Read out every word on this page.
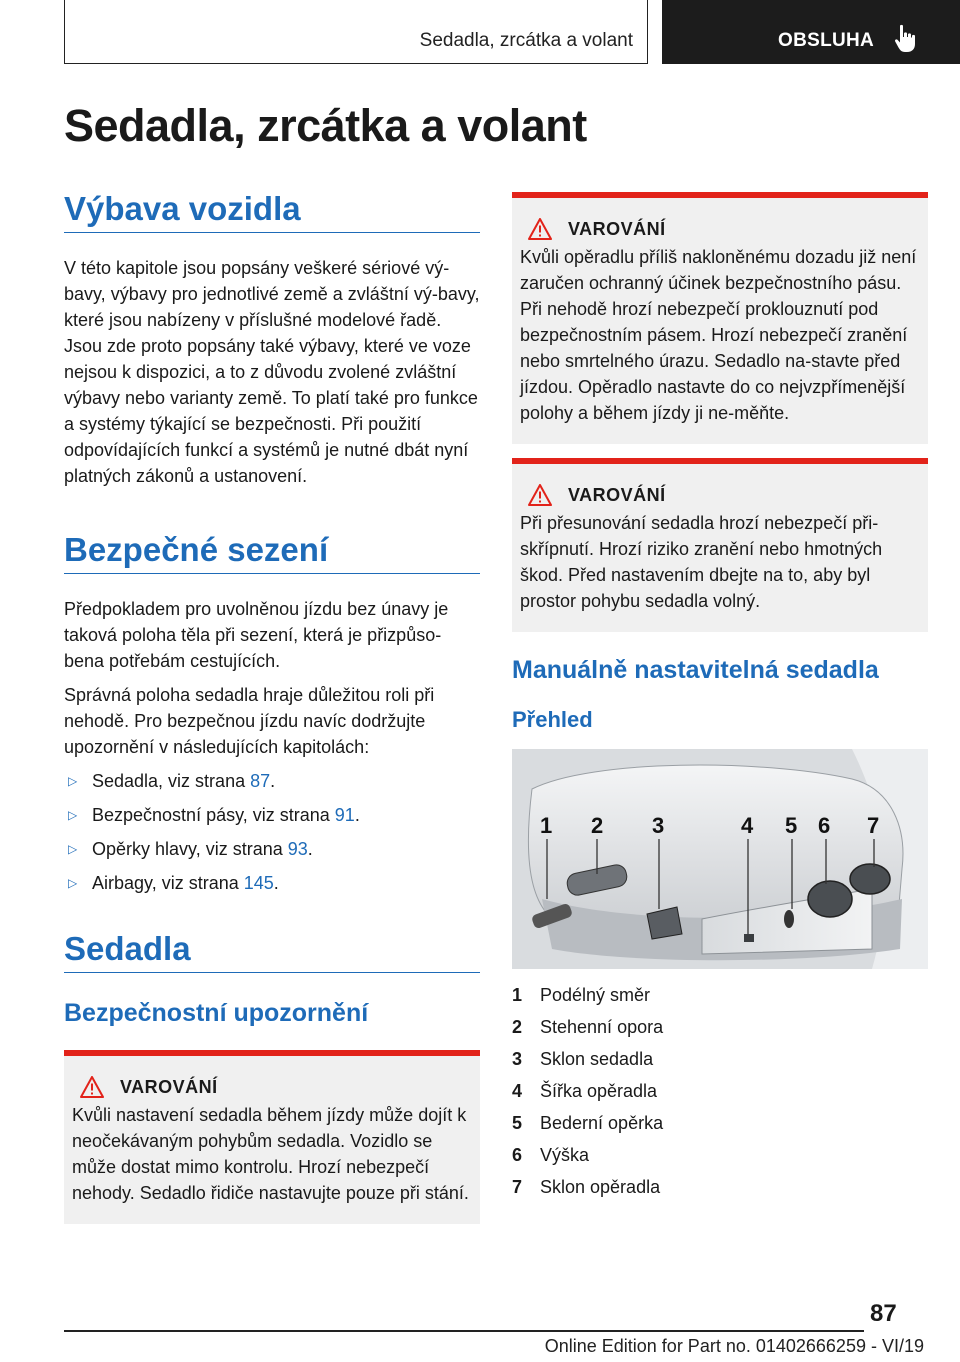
Sedadla, zrcátka a volant	OBSLUHA
Sedadla, zrcátka a volant
Výbava vozidla

V této kapitole jsou popsány veškeré sériové vý-bavy, výbavy pro jednotlivé země a zvláštní vý-bavy, které jsou nabízeny v příslušné modelové řadě. Jsou zde proto popsány také výbavy, které ve voze nejsou k dispozici, a to z důvodu zvolené zvláštní výbavy nebo varianty země. To platí také pro funkce a systémy týkající se bezpečnosti. Při použití odpovídajících funkcí a systémů je nutné dbát nyní platných zákonů a ustanovení.

Bezpečné sezení

Předpokladem pro uvolněnou jízdu bez únavy je taková poloha těla při sezení, která je přizpůso-bena potřebám cestujících.

Správná poloha sedadla hraje důležitou roli při nehodě. Pro bezpečnou jízdu navíc dodržujte upozornění v následujících kapitolách:

▷ Sedadla, viz strana 87.
▷ Bezpečnostní pásy, viz strana 91.
▷ Opěrky hlavy, viz strana 93.
▷ Airbagy, viz strana 145.
Sedadla
Bezpečnostní upozornění
VAROVÁNÍ

Kvůli nastavení sedadla během jízdy může dojít k neočekávaným pohybům sedadla. Vozidlo se může dostat mimo kontrolu. Hrozí nebezpečí nehody. Sedadlo řidiče nastavujte pouze při stání.

VAROVÁNÍ

Kvůli opěradlu příliš nakloněnému dozadu již není zaručen ochranný účinek bezpečnostního pásu. Při nehodě hrozí nebezpečí proklouznutí pod bezpečnostním pásem. Hrozí nebezpečí zranění nebo smrtelného úrazu. Sedadlo na-stavte před jízdou. Opěradlo nastavte do co nejvzpřímenější polohy a během jízdy ji ne-měňte.

VAROVÁNÍ

Při přesunování sedadla hrozí nebezpečí při-skřípnutí. Hrozí riziko zranění nebo hmotných škod. Před nastavením dbejte na to, aby byl prostor pohybu sedadla volný.

Manuálně nastavitelná sedadla
Přehled
1 2 3	4 5 6 7
1 Podélný směr
2 Stehenní opora
3 Sklon sedadla
4 Šířka opěradla
5 Bederní opěrka
6 Výška
7 Sklon opěradla
87
Online Edition for Part no. 01402666259 - VI/19
